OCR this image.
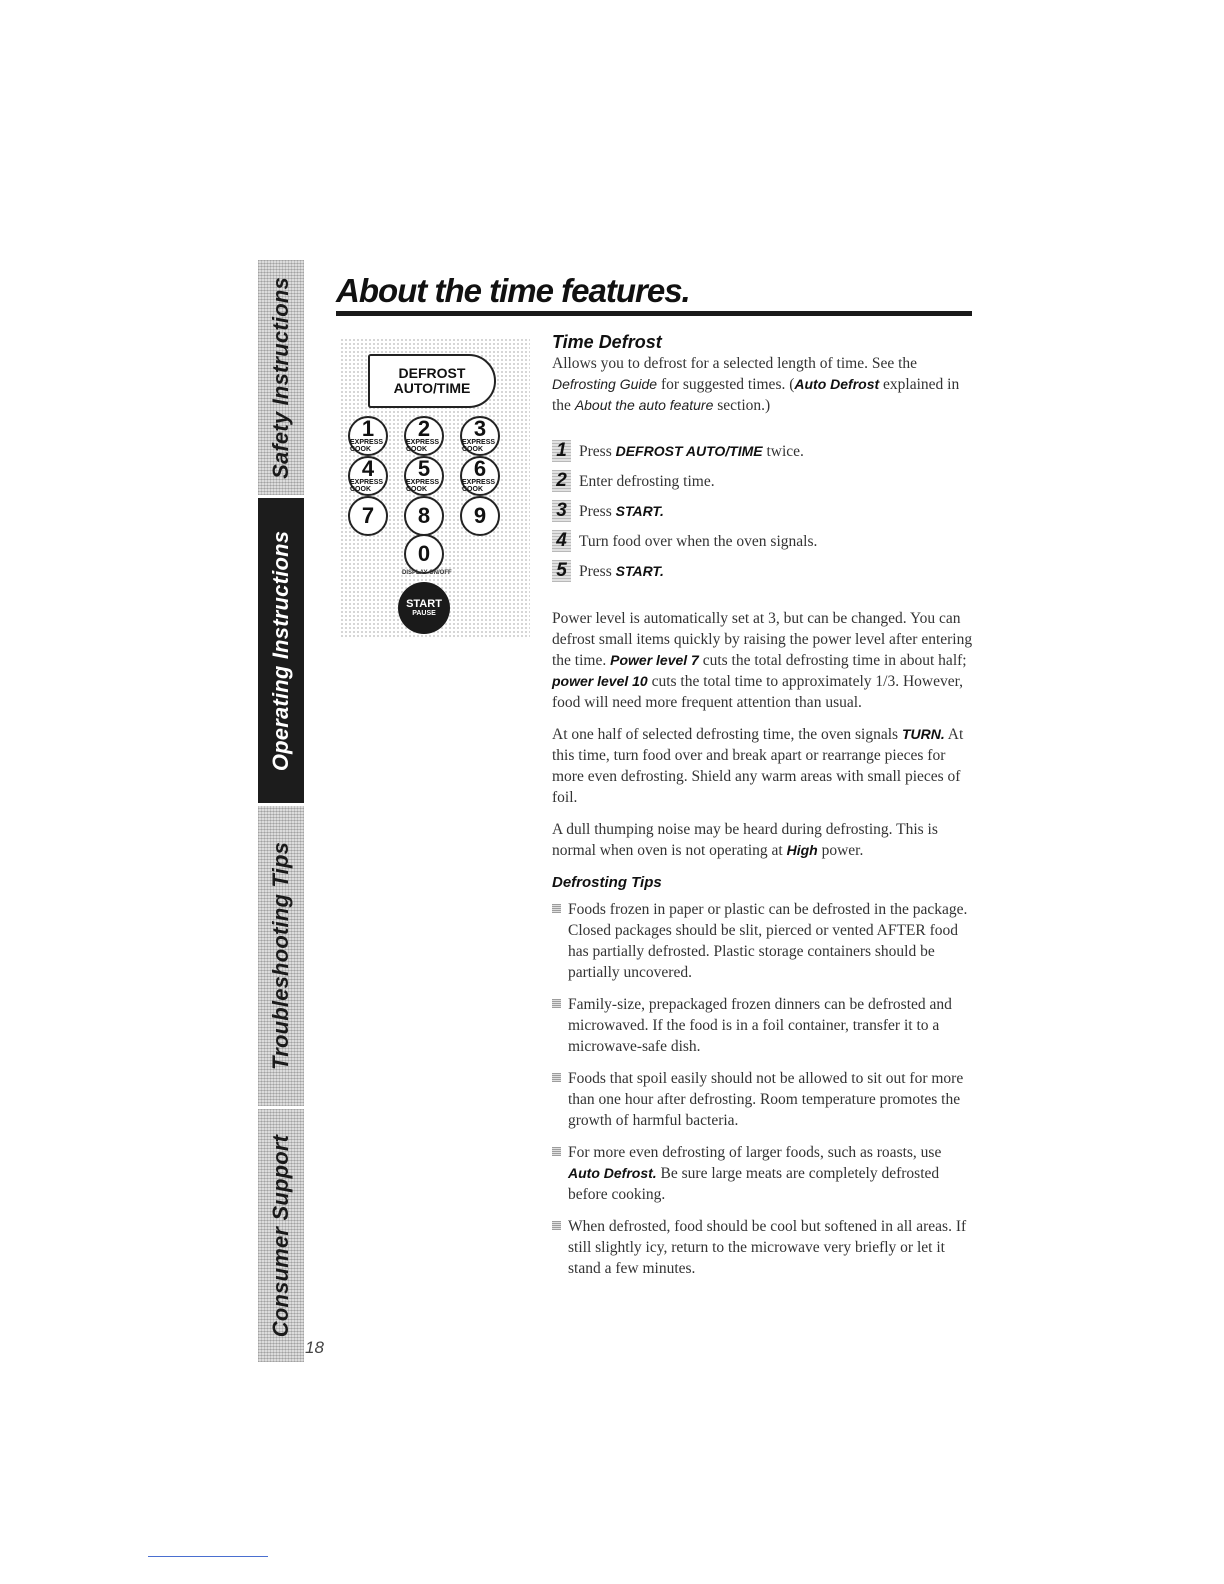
Safety Instructions
Operating Instructions
Troubleshooting Tips
Consumer Support
18
About the time features.
DEFROST
AUTO/TIME
1
EXPRESS COOK
2
EXPRESS COOK
3
EXPRESS COOK
4
EXPRESS COOK
5
EXPRESS COOK
6
EXPRESS COOK
7 8 9
0
DISPLAY ON/OFF
START
PAUSE

Time Defrost

Allows you to defrost for a selected length of time. See the Defrosting Guide for suggested times. (Auto Defrost explained in the About the auto feature section.)

1 Press DEFROST AUTO/TIME twice.
2 Enter defrosting time.
3 Press START.
4 Turn food over when the oven signals.
5 Press START.

Power level is automatically set at 3, but can be changed. You can defrost small items quickly by raising the power level after entering the time. Power level 7 cuts the total defrosting time in about half; power level 10 cuts the total time to approximately 1/3. However, food will need more frequent attention than usual.

At one half of selected defrosting time, the oven signals TURN. At this time, turn food over and break apart or rearrange pieces for more even defrosting. Shield any warm areas with small pieces of foil.

A dull thumping noise may be heard during defrosting. This is normal when oven is not operating at High power.

Defrosting Tips

Foods frozen in paper or plastic can be defrosted in the package. Closed packages should be slit, pierced or vented AFTER food has partially defrosted. Plastic storage containers should be partially uncovered.
Family-size, prepackaged frozen dinners can be defrosted and microwaved. If the food is in a foil container, transfer it to a microwave-safe dish.
Foods that spoil easily should not be allowed to sit out for more than one hour after defrosting. Room temperature promotes the growth of harmful bacteria.
For more even defrosting of larger foods, such as roasts, use Auto Defrost. Be sure large meats are completely defrosted before cooking.
When defrosted, food should be cool but softened in all areas. If still slightly icy, return to the microwave very briefly or let it stand a few minutes.
